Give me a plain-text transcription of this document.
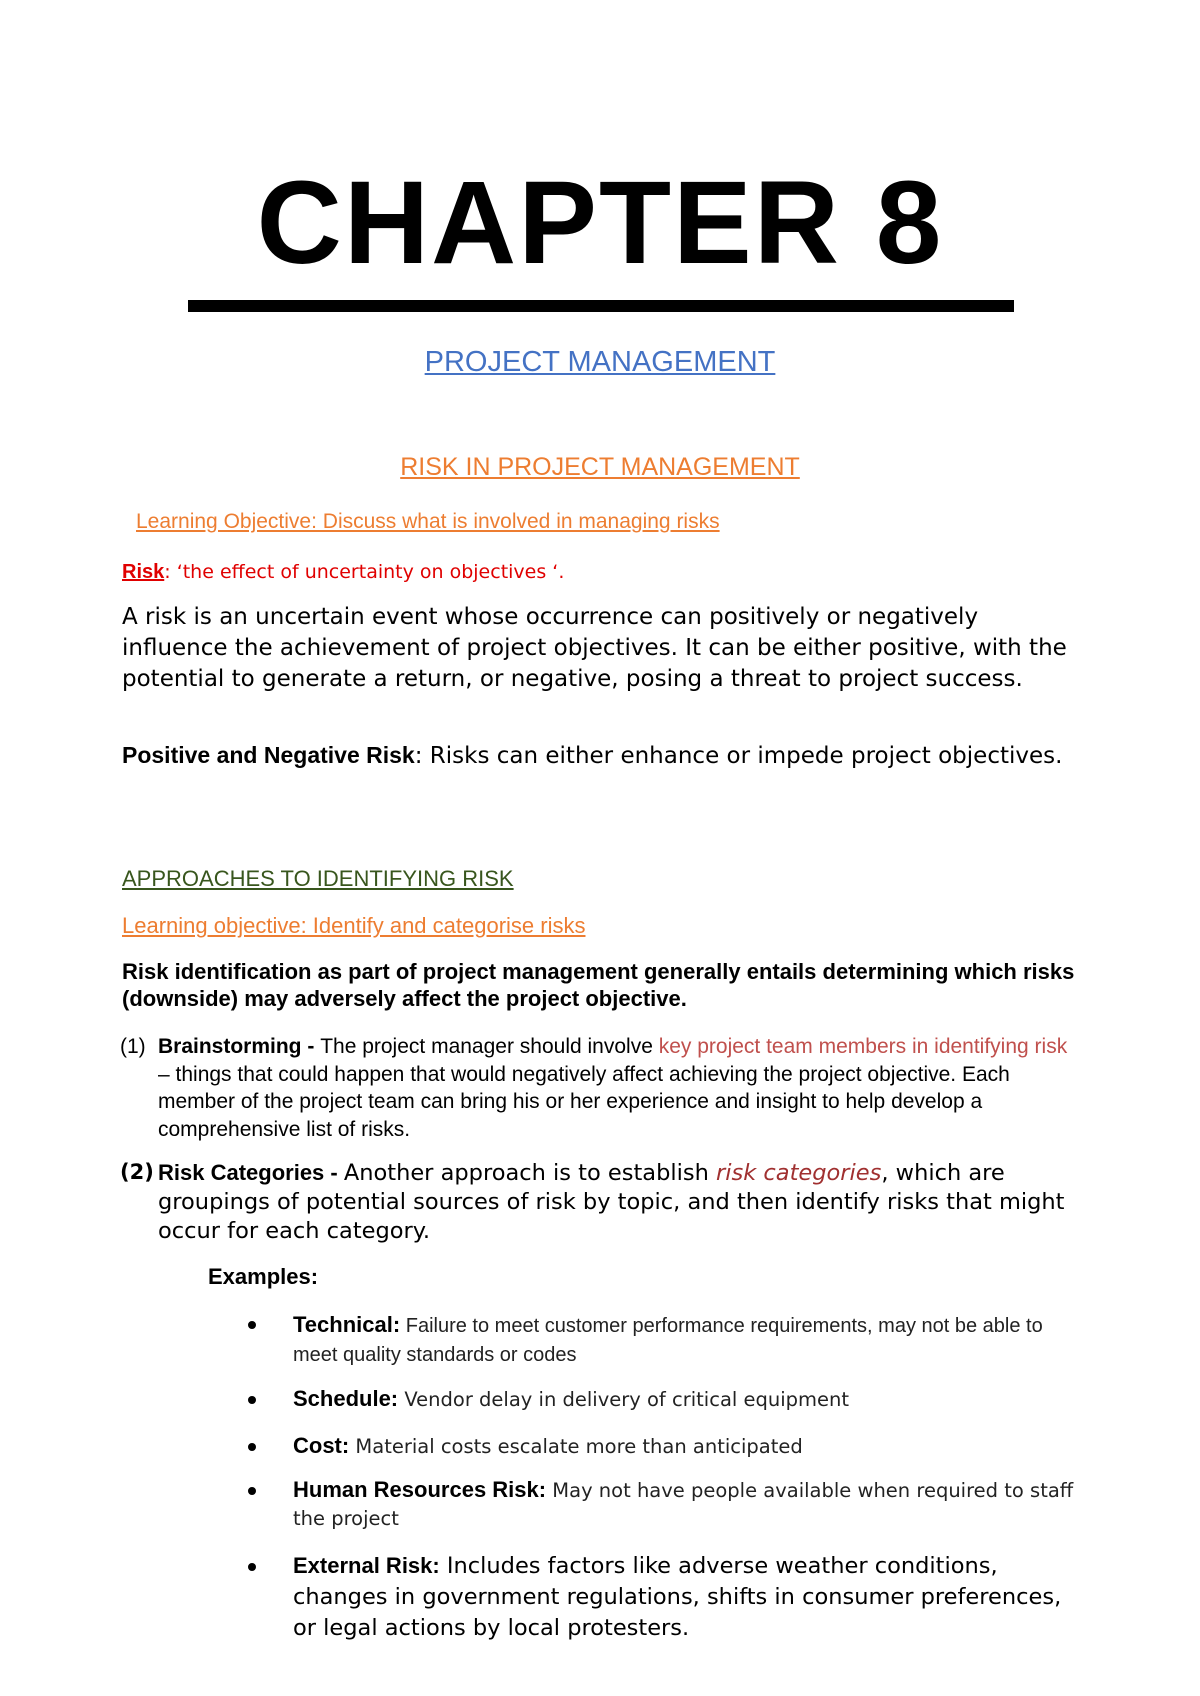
CHAPTER 8
PROJECT MANAGEMENT
RISK IN PROJECT MANAGEMENT
Learning Objective: Discuss what is involved in managing risks
Risk: ‘the effect of uncertainty on objectives ‘.
A risk is an uncertain event whose occurrence can positively or negatively influence the achievement of project objectives. It can be either positive, with the potential to generate a return, or negative, posing a threat to project success.
Positive and Negative Risk: Risks can either enhance or impede project objectives.
APPROACHES TO IDENTIFYING RISK
Learning objective: Identify and categorise risks
Risk identification as part of project management generally entails determining which risks (downside) may adversely affect the project objective.
(1) Brainstorming - The project manager should involve key project team members in identifying risk – things that could happen that would negatively affect achieving the project objective. Each member of the project team can bring his or her experience and insight to help develop a comprehensive list of risks.
(2) Risk Categories - Another approach is to establish risk categories, which are groupings of potential sources of risk by topic, and then identify risks that might occur for each category.
Examples:
Technical: Failure to meet customer performance requirements, may not be able to meet quality standards or codes
Schedule: Vendor delay in delivery of critical equipment
Cost: Material costs escalate more than anticipated
Human Resources Risk: May not have people available when required to staff the project
External Risk: Includes factors like adverse weather conditions, changes in government regulations, shifts in consumer preferences, or legal actions by local protesters.
